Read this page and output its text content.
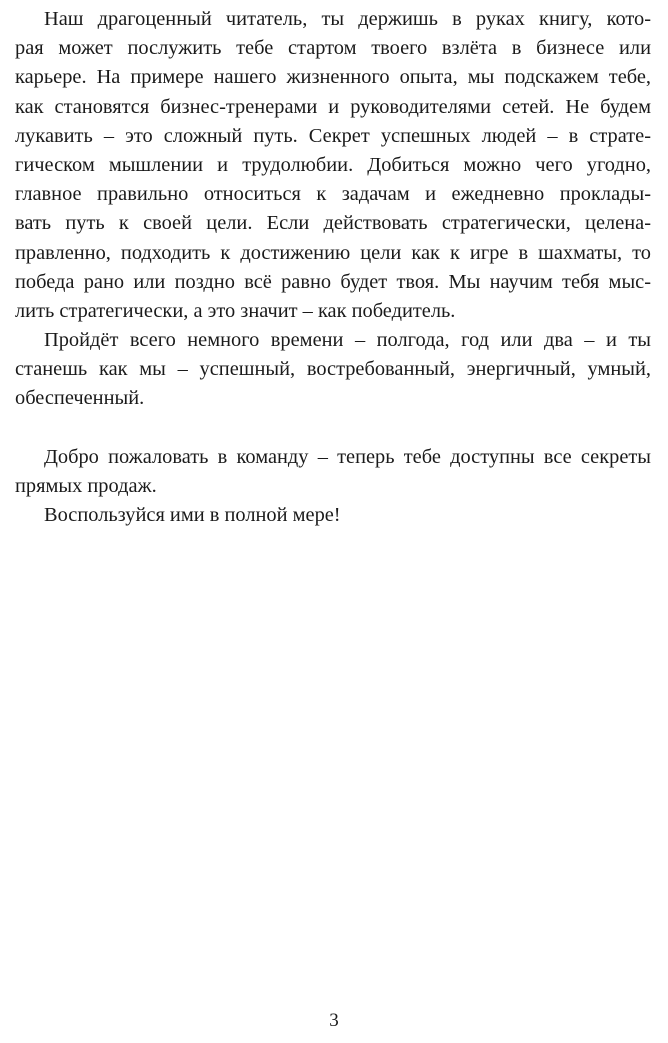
Наш драгоценный читатель, ты держишь в руках книгу, кото-
рая может послужить тебе стартом твоего взлёта в бизнесе или
карьере. На примере нашего жизненного опыта, мы подскажем тебе,
как становятся бизнес-тренерами и руководителями сетей. Не будем
лукавить – это сложный путь. Секрет успешных людей – в страте-
гическом мышлении и трудолюбии. Добиться можно чего угодно,
главное правильно относиться к задачам и ежедневно проклады-
вать путь к своей цели. Если действовать стратегически, целена-
правленно, подходить к достижению цели как к игре в шахматы, то
победа рано или поздно всё равно будет твоя. Мы научим тебя мыс-
лить стратегически, а это значит – как победитель.
Пройдёт всего немного времени – полгода, год или два – и ты
станешь как мы – успешный, востребованный, энергичный, умный,
обеспеченный.
Добро пожаловать в команду – теперь тебе доступны все секреты
прямых продаж.
Воспользуйся ими в полной мере!
3
